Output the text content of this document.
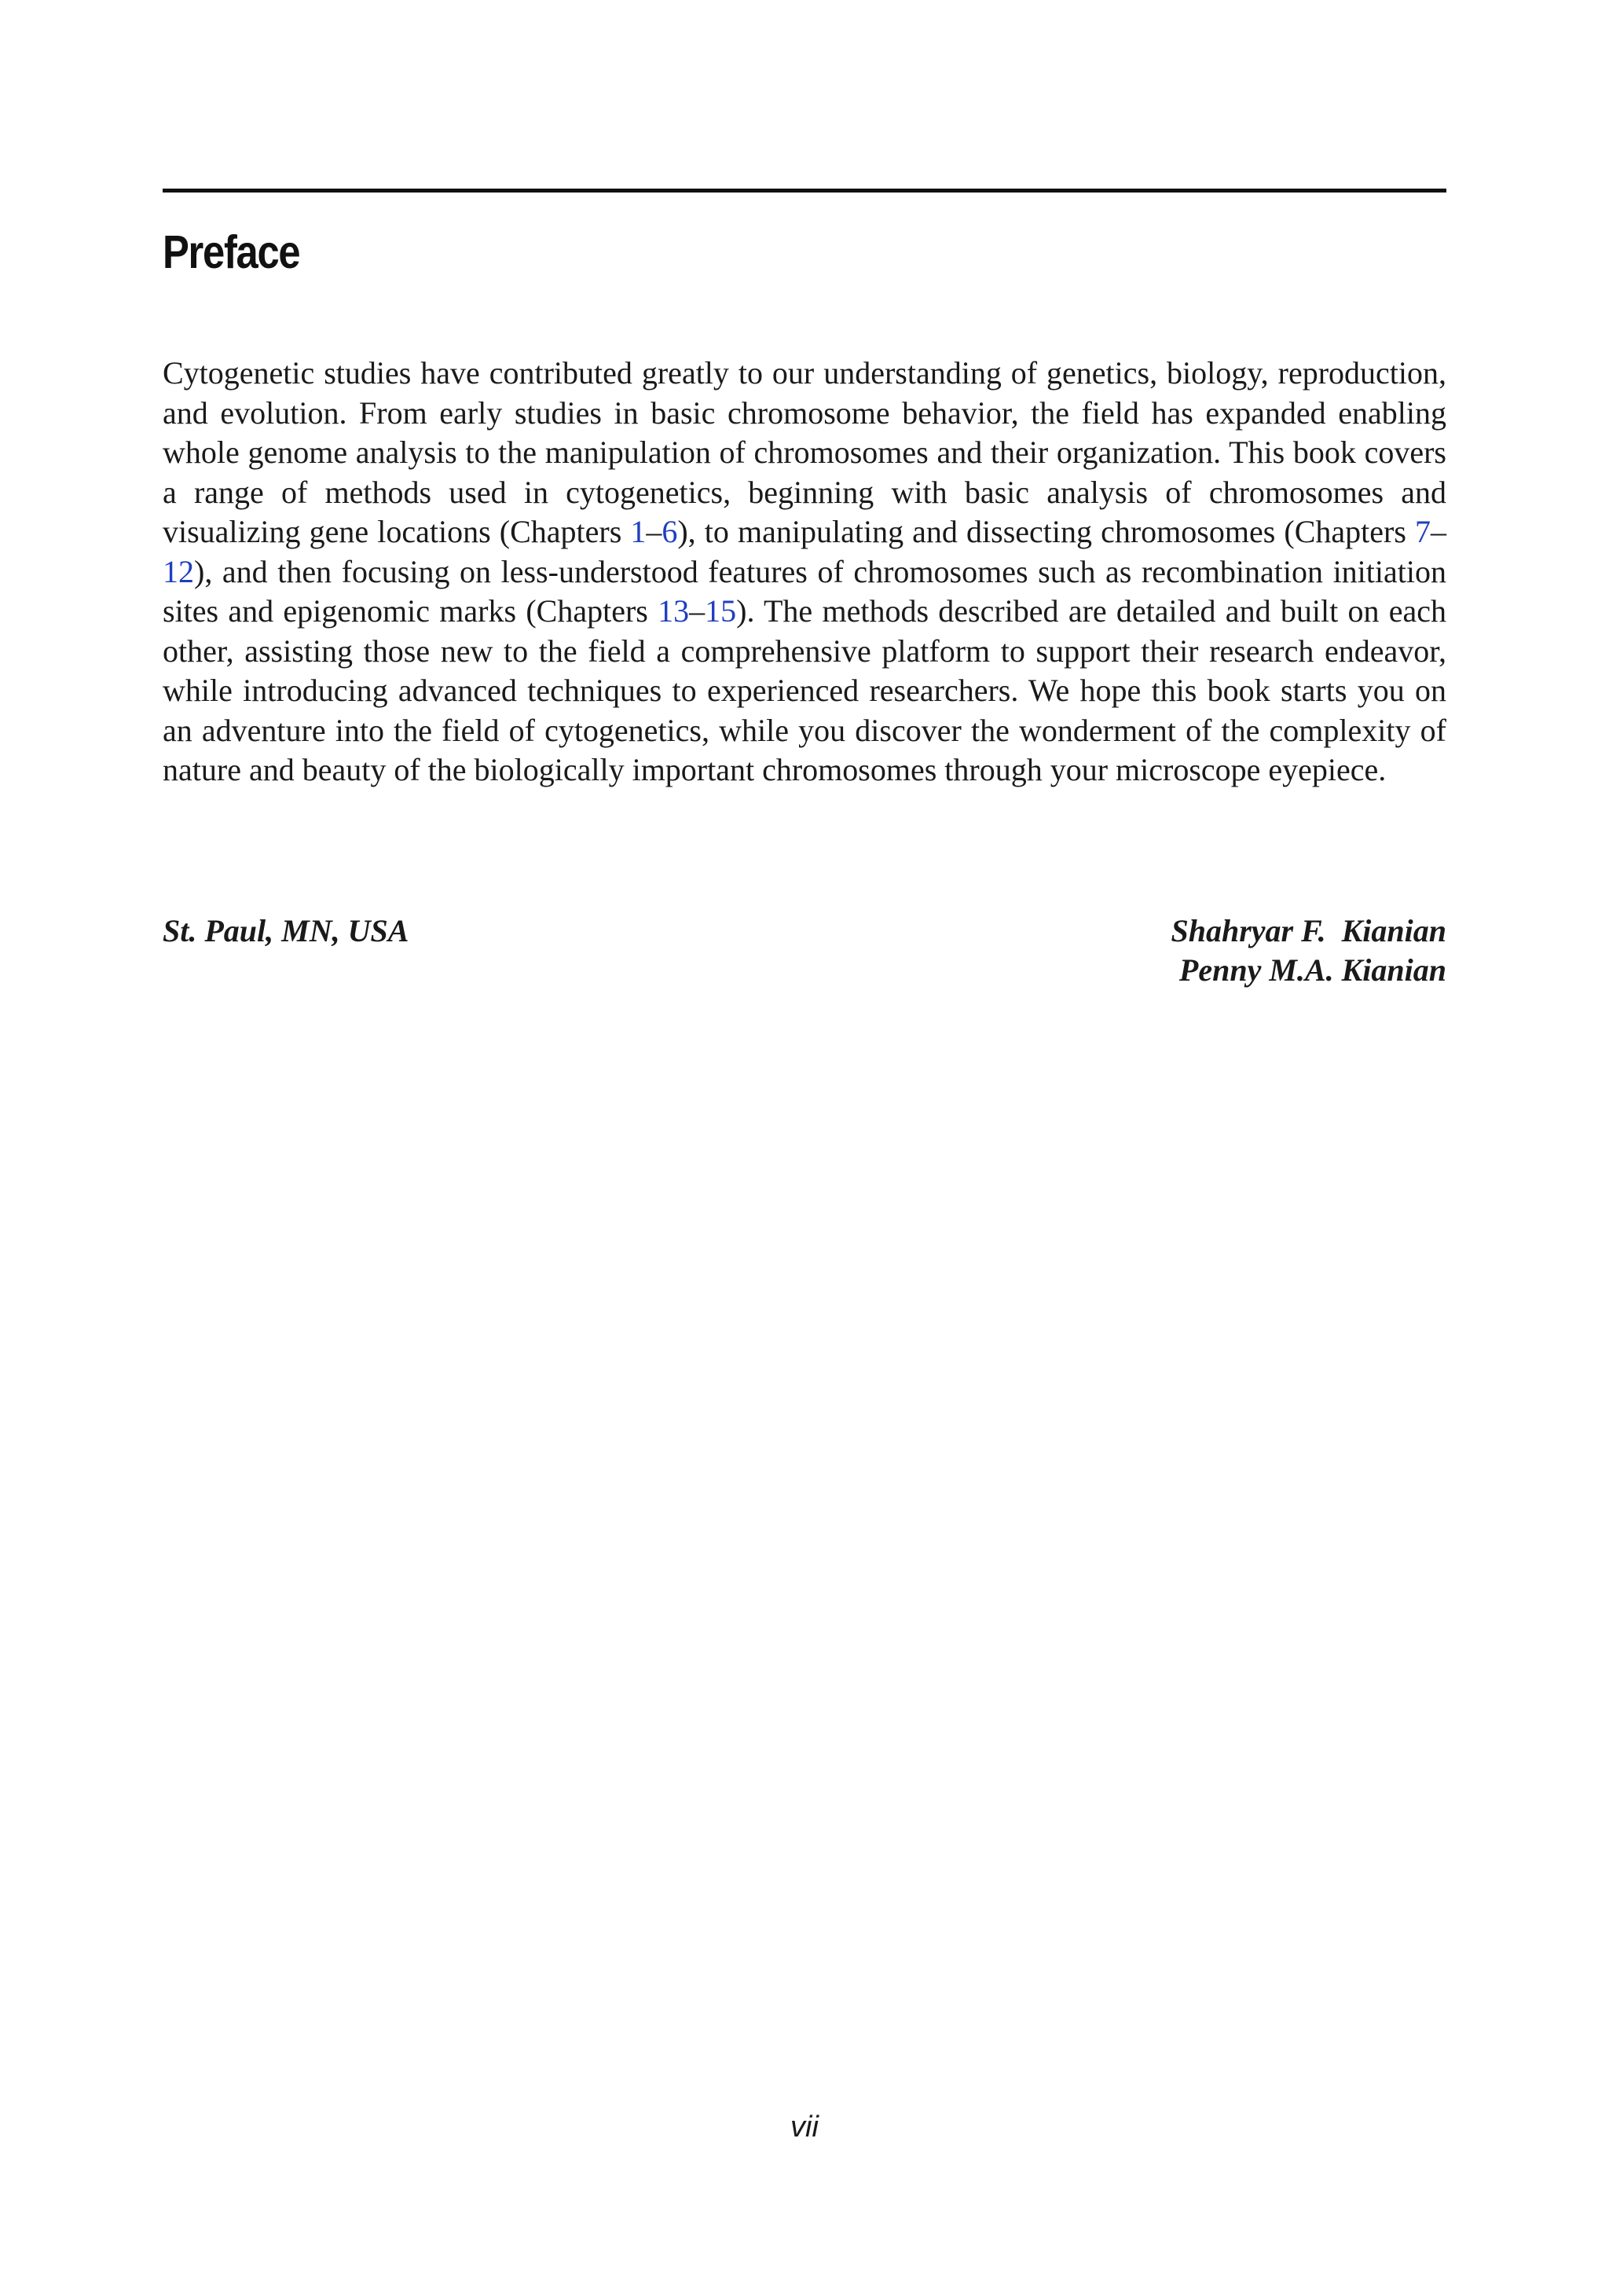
Preface

Cytogenetic studies have contributed greatly to our understanding of genetics, biology, reproduction, and evolution. From early studies in basic chromosome behavior, the field has expanded enabling whole genome analysis to the manipulation of chromosomes and their organization. This book covers a range of methods used in cytogenetics, beginning with basic analysis of chromosomes and visualizing gene locations (Chapters 1–6), to manipulating and dissecting chromosomes (Chapters 7–12), and then focusing on less-understood features of chromosomes such as recombination initiation sites and epigenomic marks (Chapters 13–15). The methods described are detailed and built on each other, assisting those new to the field a comprehensive platform to support their research endeavor, while introducing advanced techniques to experienced researchers. We hope this book starts you on an adventure into the field of cytogenetics, while you discover the wonderment of the complexity of nature and beauty of the biologically important chromosomes through your microscope eyepiece.

St. Paul, MN, USA	Shahryar F.  Kianian
Penny M.A. Kianian
vii
